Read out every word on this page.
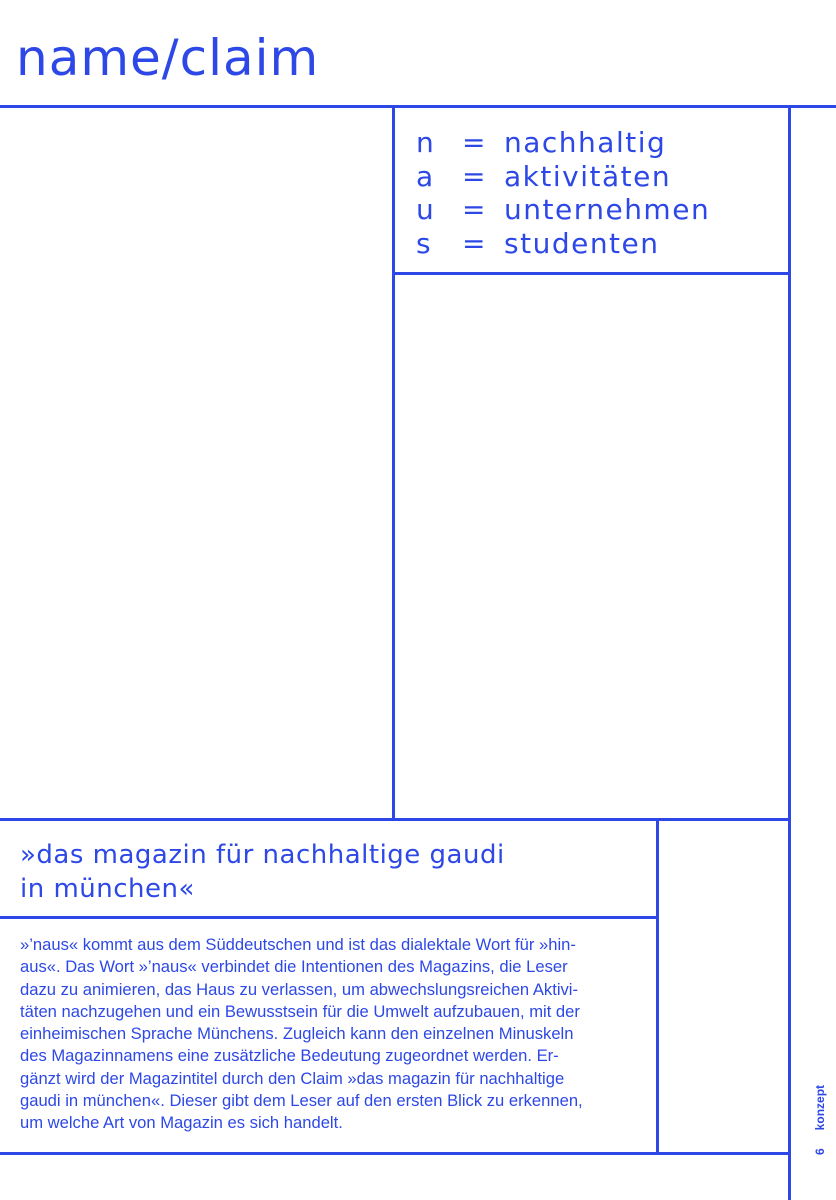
name/claim
n = nachhaltig
a = aktivitäten
u = unternehmen
s	= studenten
»das magazin für nachhaltige gaudi
in münchen«

»’naus« kommt aus dem Süddeutschen und ist das dialektale Wort für »hin-
aus«. Das Wort »’naus« verbindet die Intentionen des Magazins, die Leser
dazu zu animieren, das Haus zu verlassen, um abwechslungsreichen Aktivi-
täten nachzugehen und ein Bewusstsein für die Umwelt aufzubauen, mit der
einheimischen Sprache Münchens. Zugleich kann den einzelnen Minuskeln
des Magazinnamens eine zusätzliche Bedeutung zugeordnet werden. Er-
gänzt wird der Magazintitel durch den Claim »das magazin für nachhaltige
gaudi in münchen«. Dieser gibt dem Leser auf den ersten Blick zu erkennen,
um welche Art von Magazin es sich handelt.

6konzept
